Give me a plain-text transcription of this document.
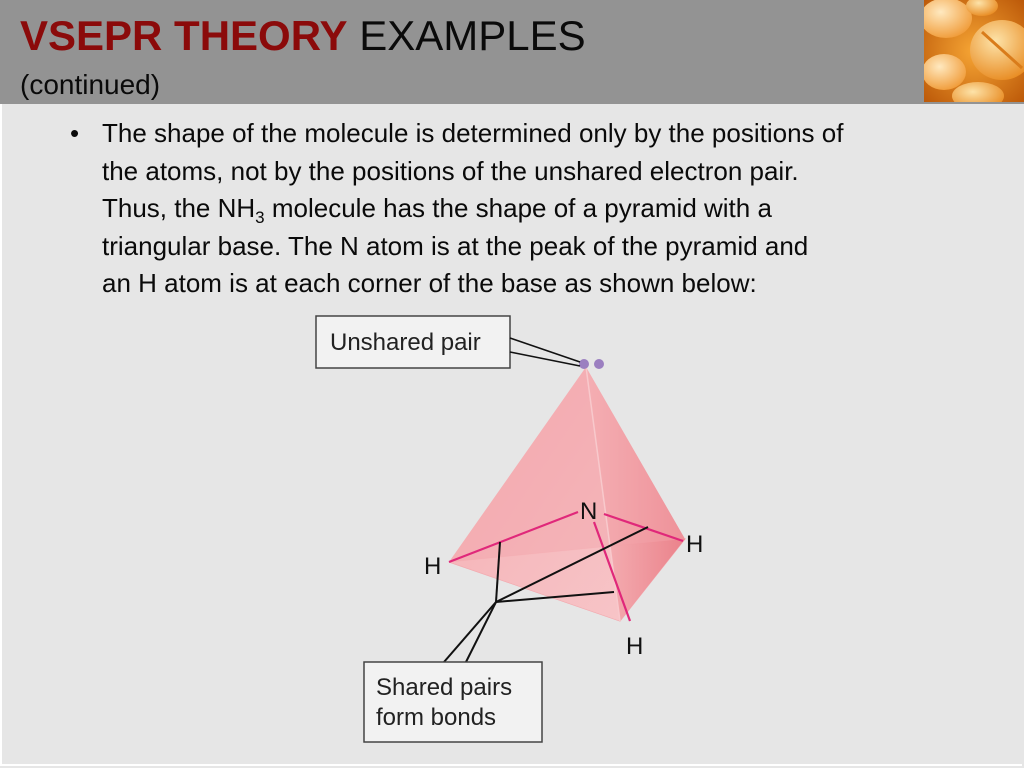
VSEPR THEORY EXAMPLES
(continued)
• The shape of the molecule is determined only by the positions of
the atoms, not by the positions of the unshared electron pair.
Thus, the $NH_3$ molecule has the shape of a pyramid with a
triangular base. The N atom is at the peak of the pyramid and
an H atom is at each corner of the base as shown below:
Unshared pair
N
H
H
H
Shared pairs
form bonds
